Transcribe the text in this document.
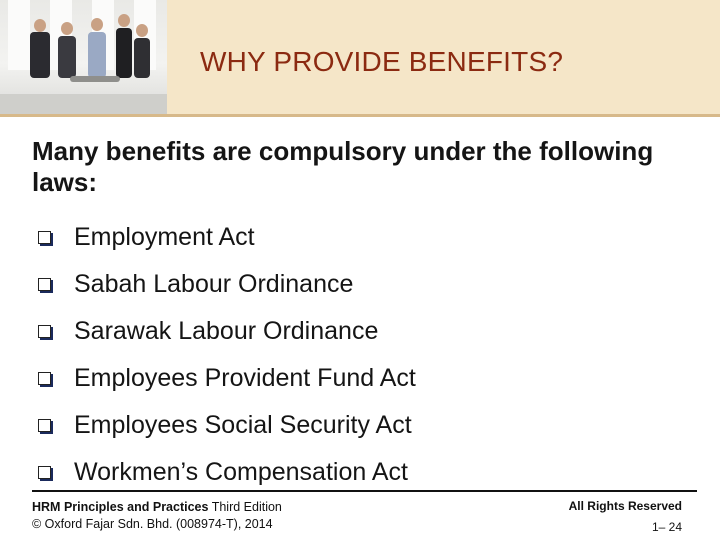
WHY PROVIDE BENEFITS?
Many benefits are compulsory under the following laws:
Employment Act
Sabah Labour Ordinance
Sarawak Labour Ordinance
Employees Provident Fund Act
Employees Social Security Act
Workmen’s Compensation Act
HRM Principles and Practices Third Edition
© Oxford Fajar Sdn. Bhd. (008974-T), 2014
All Rights Reserved
1– 24
